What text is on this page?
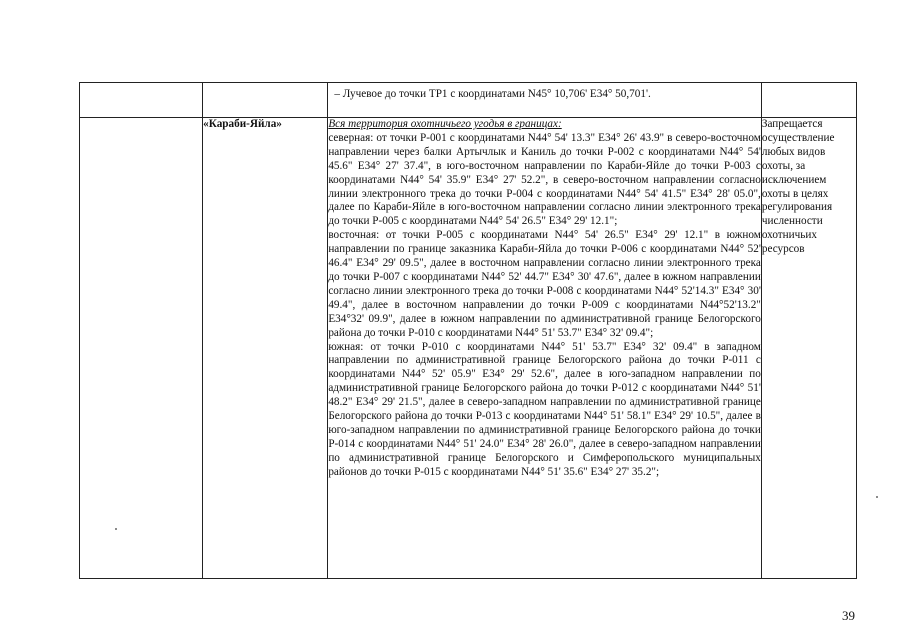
		– Лучевое до точки ТР1 с координатами N45° 10,706' E34° 50,701'.	

	«Караби-Яйла»	Вся территория охотничьего угодья в границах:

северная: от точки Р-001 с координатами N44° 54' 13.3" E34° 26' 43.9" в северо-восточном направлении через балки Артычлык и Каниль до точки Р-002 с координатами N44° 54' 45.6" E34° 27' 37.4", в юго-восточном направлении по Караби-Яйле до точки Р-003 с координатами N44° 54' 35.9" E34° 27' 52.2", в северо-восточном направлении согласно линии электронного трека до точки Р-004 с координатами N44° 54' 41.5" E34° 28' 05.0", далее по Караби-Яйле в юго-восточном направлении согласно линии электронного трека до точки Р-005 с координатами N44° 54' 26.5" E34° 29' 12.1";

восточная: от точки Р-005 с координатами N44° 54' 26.5" E34° 29' 12.1" в южном направлении по границе заказника Караби-Яйла до точки Р-006 с координатами N44° 52' 46.4" E34° 29' 09.5", далее в восточном направлении согласно линии электронного трека до точки Р-007 с координатами N44° 52' 44.7" E34° 30' 47.6", далее в южном направлении согласно линии электронного трека до точки Р-008 с координатами N44° 52'14.3" E34° 30' 49.4", далее в восточном направлении до точки Р-009 с координатами N44°52'13.2" E34°32' 09.9", далее в южном направлении по административной границе Белогорского района до точки Р-010 с координатами N44° 51' 53.7" E34° 32' 09.4";

южная: от точки Р-010 с координатами N44° 51' 53.7" E34° 32' 09.4" в западном направлении по административной границе Белогорского района до точки Р-011 с координатами N44° 52' 05.9" E34° 29' 52.6", далее в юго-западном направлении по административной границе Белогорского района до точки Р-012 с координатами N44° 51' 48.2" E34° 29' 21.5", далее в северо-западном направлении по административной границе Белогорского района до точки Р-013 с координатами N44° 51' 58.1" E34° 29' 10.5", далее в юго-западном направлении по административной границе Белогорского района до точки Р-014 с координатами N44° 51' 24.0" E34° 28' 26.0", далее в северо-западном направлении по административной границе Белогорского и Симферопольского муниципальных районов до точки Р-015 с координатами N44° 51' 35.6" E34° 27' 35.2";	Запрещается осуществление любых видов охоты, за исключением охоты в целях регулирования численности охотничьих ресурсов
39
